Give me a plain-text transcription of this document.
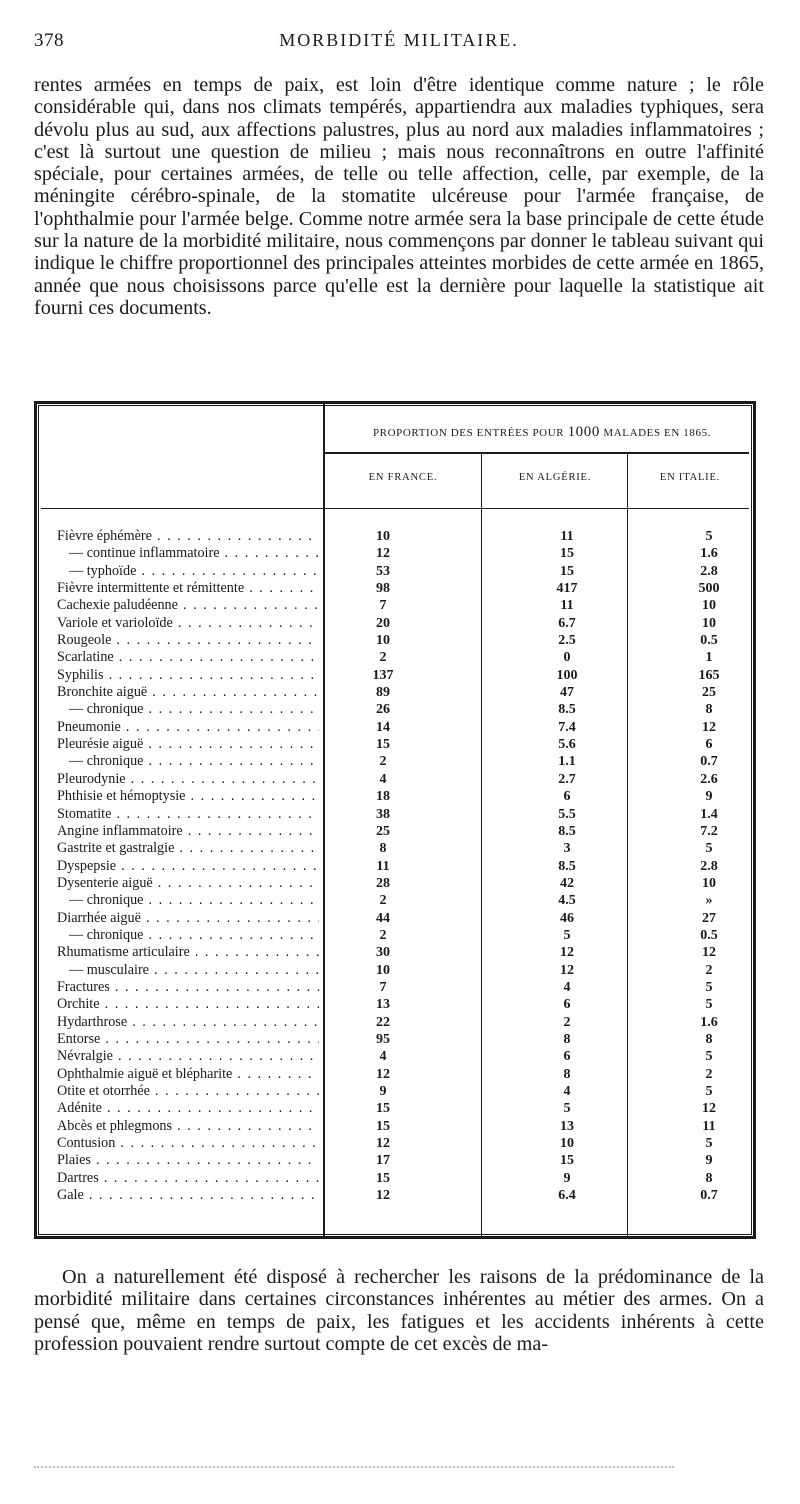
378	MORBIDITÉ MILITAIRE.

rentes armées en temps de paix, est loin d'être identique comme nature ; le rôle considérable qui, dans nos climats tempérés, appartiendra aux maladies typhiques, sera dévolu plus au sud, aux affections palustres, plus au nord aux maladies inflammatoires ; c'est là surtout une question de milieu ; mais nous reconnaîtrons en outre l'affinité spéciale, pour certaines armées, de telle ou telle affection, celle, par exemple, de la méningite cérébro-spinale, de la stomatite ulcéreuse pour l'armée française, de l'ophthalmie pour l'armée belge. Comme notre armée sera la base principale de cette étude sur la nature de la morbidité militaire, nous commençons par donner le tableau suivant qui indique le chiffre proportionnel des principales atteintes morbides de cette armée en 1865, année que nous choisissons parce qu'elle est la dernière pour laquelle la statistique ait fourni ces documents.

PROPORTION DES ENTRÉES POUR 1000 MALADES EN 1865.
EN FRANCE.	EN ALGÉRIE.	EN ITALIE.
Fièvre éphémère . . .	10	11	5
— continue inflammatoire . . .	12	15	1.6
— typhoïde . . .	53	15	2.8
Fièvre intermittente et rémittente . . .	98	417	500
Cachexie paludéenne . . .	7	11	10
Variole et varioloïde . . .	20	6.7	10
Rougeole . . .	10	2.5	0.5
Scarlatine . . .	2	0	1
Syphilis . . .	137	100	165
Bronchite aiguë . . .	89	47	25
— chronique . . .	26	8.5	8
Pneumonie . . .	14	7.4	12
Pleurésie aiguë . . .	15	5.6	6
— chronique . . .	2	1.1	0.7
Pleurodynie . . .	4	2.7	2.6
Phthisie et hémoptysie . . .	18	6	9
Stomatite . . .	38	5.5	1.4
Angine inflammatoire . . .	25	8.5	7.2
Gastrite et gastralgie . . .	8	3	5
Dyspepsie . . .	11	8.5	2.8
Dysenterie aiguë . . .	28	42	10
— chronique . . .	2	4.5	»
Diarrhée aiguë . . .	44	46	27
— chronique . . .	2	5	0.5
Rhumatisme articulaire . . .	30	12	12
— musculaire . . .	10	12	2
Fractures . . .	7	4	5
Orchite . . .	13	6	5
Hydarthrose . . .	22	2	1.6
Entorse . . .	95	8	8
Névralgie . . .	4	6	5
Ophthalmie aiguë et blépharite . . .	12	8	2
Otite et otorrhée . . .	9	4	5
Adénite . . .	15	5	12
Abcès et phlegmons . . .	15	13	11
Contusion . . .	12	10	5
Plaies . . .	17	15	9
Dartres . . .	15	9	8
Gale . . .	12	6.4	0.7

On a naturellement été disposé à rechercher les raisons de la prédominance de la morbidité militaire dans certaines circonstances inhérentes au métier des armes. On a pensé que, même en temps de paix, les fatigues et les accidents inhérents à cette profession pouvaient rendre surtout compte de cet excès de ma-
